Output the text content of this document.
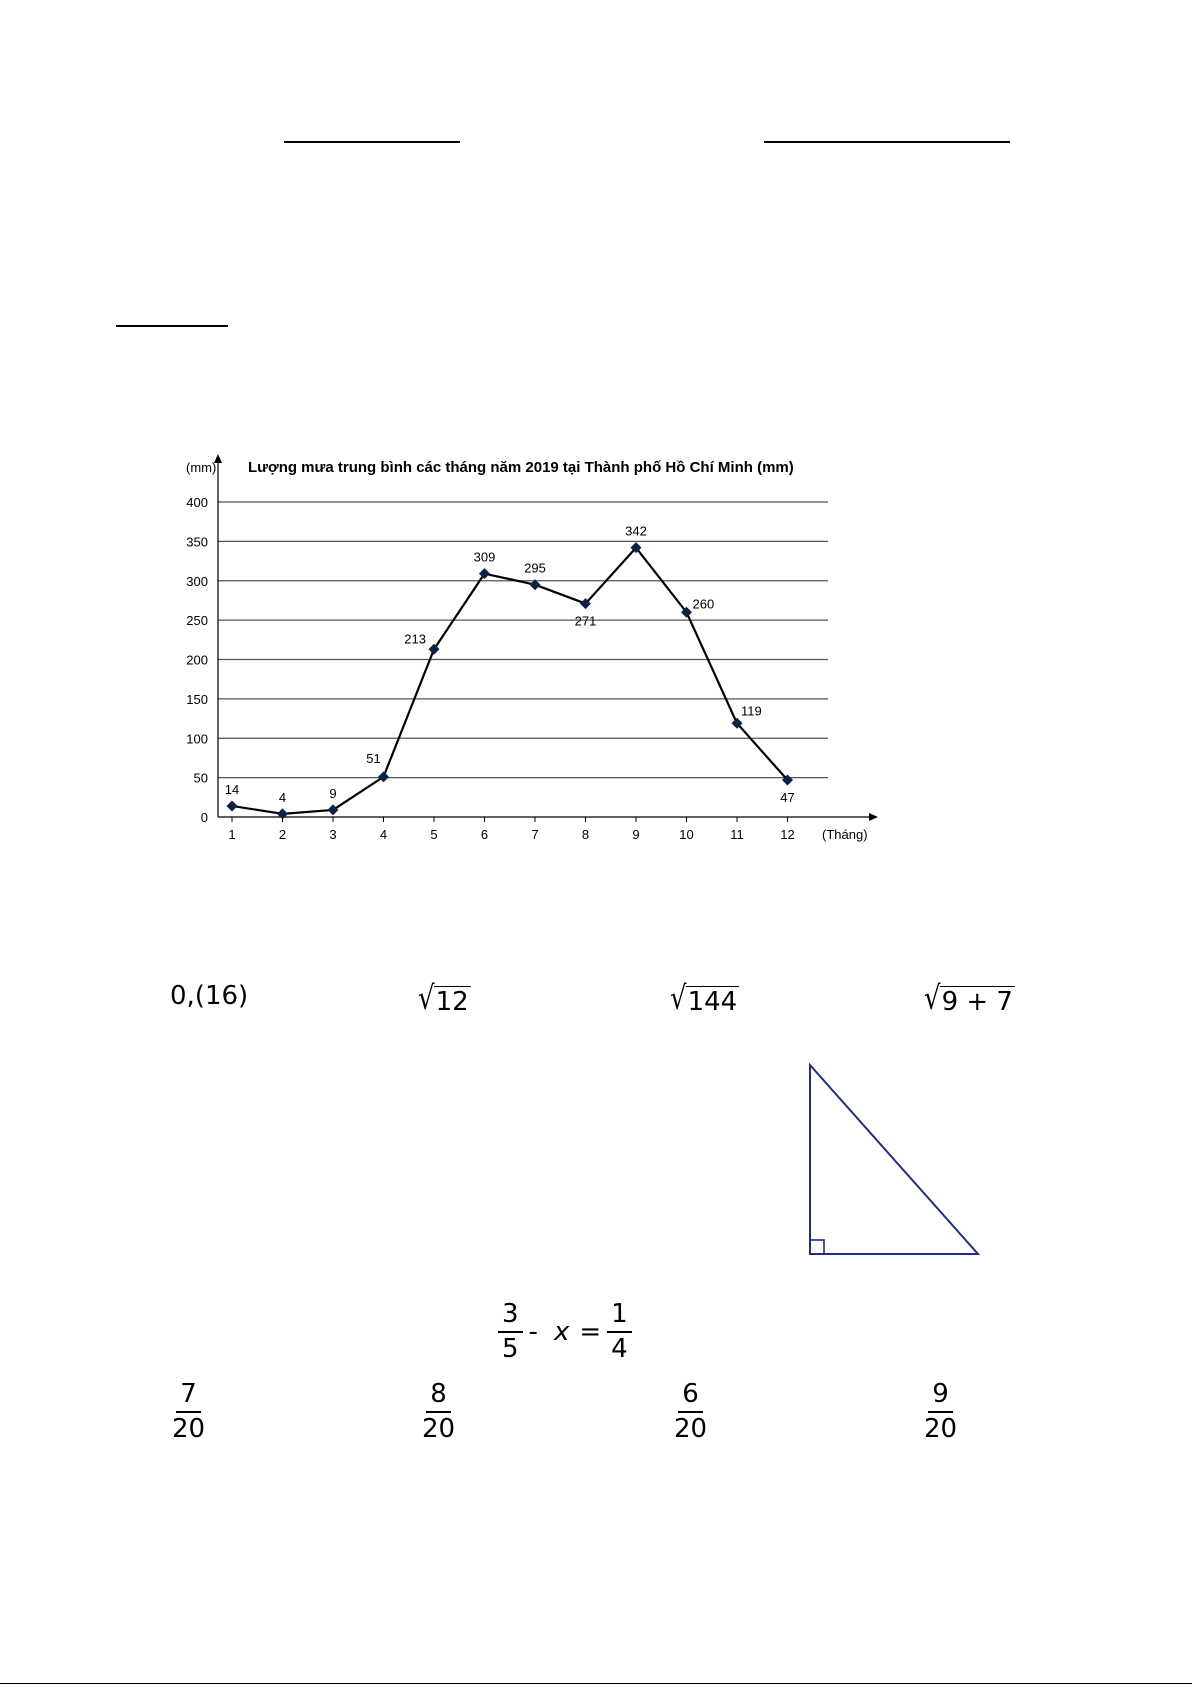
0
50
100
150
200
250
300
350
400
1	2	3	4	5	6	7	8	9	10	11	12
14
4	9
51
213
309
295
271
342
260
119
47
Lượng mưa trung bình các tháng năm 2019 tại Thành phố Hồ Chí Minh (mm)
(mm)
(Tháng)
0,(16)	√ 12	√ 144	√ 9 + 7
$\frac{3}{5} - x = \frac{1}{4}$
$\frac{7}{20}$	$\frac{8}{20}$	$\frac{6}{20}$	$\frac{9}{20}$
